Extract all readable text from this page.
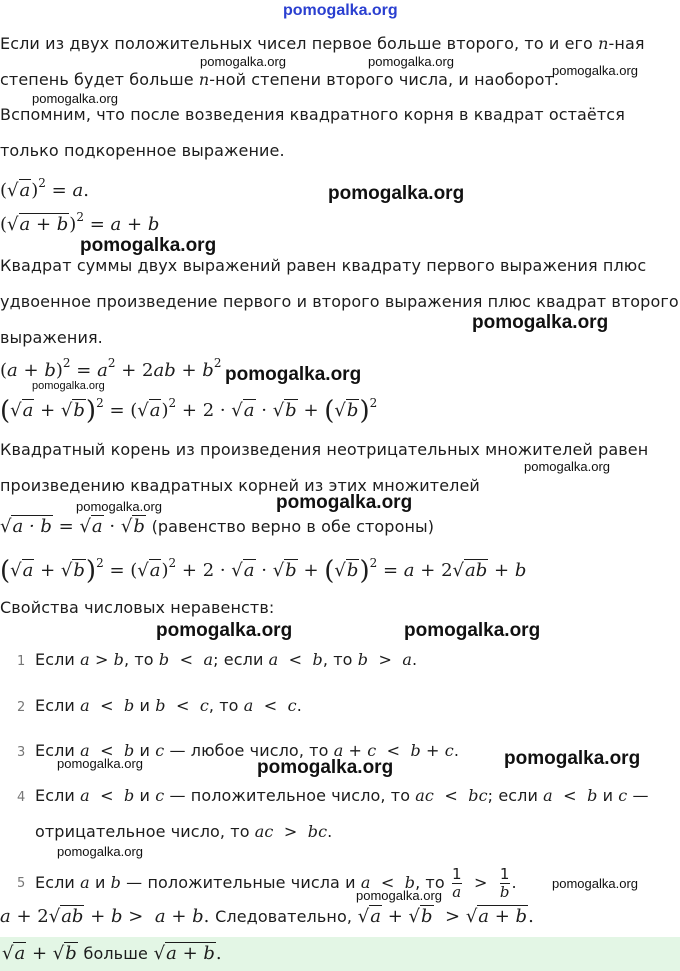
pomogalka.org
Если из двух положительных чисел первое больше второго, то и его n-ная
степень будет больше n-ной степени второго числа, и наоборот.
pomogalka.org	pomogalka.org
pomogalka.org
pomogalka.org
Вспомним, что после возведения квадратного корня в квадрат остаётся
только подкоренное выражение.
$(√a)^2 = a$.	pomogalka.org
$(√a + b)^2 = a + b$
pomogalka.org
Квадрат суммы двух выражений равен квадрату первого выражения плюс
удвоенное произведение первого и второго выражения плюс квадрат второго
выражения.
pomogalka.org
$(a + b)^2 = a^2 + 2ab + b^2$
pomogalka.org
pomogalka.org
$(√a + √b)^2 = (√a)^2 + 2 \cdot √a \cdot √b + (√b)^2$
Квадратный корень из произведения неотрицательных множителей равен
pomogalka.org
произведению квадратных корней из этих множителей
pomogalka.org
pomogalka.org
√a · b = √a · √b (равенство верно в обе стороны)
$(√a + √b)^2 = (√a)^2 + 2 \cdot √a \cdot √b + (√b)^2 = a + 2√ab + b$
Свойства числовых неравенств:
pomogalka.org	pomogalka.org
1 Если a > b, то b  <  a; если a  <  b, то b  >  a.
2 Если a  <  b и b  <  c, то a  <  c.
3 Если a  <  b и c — любое число, то a + c  <  b + c. pomogalka.org
pomogalka.org
pomogalka.org
4 Если a  <  b и c — положительное число, то ac  <  bc; если a  <  b и c —
отрицательное число, то ac  >  bc.
pomogalka.org
5 Если a и b — положительные числа и a  <  b, то $\frac{1}{a} > \frac{1}{b}$ .	pomogalka.org
pomogalka.org
a + 2√ab + b > a + b. Следовательно, √a + √b > √a + b.
√a + √b больше √a + b.
